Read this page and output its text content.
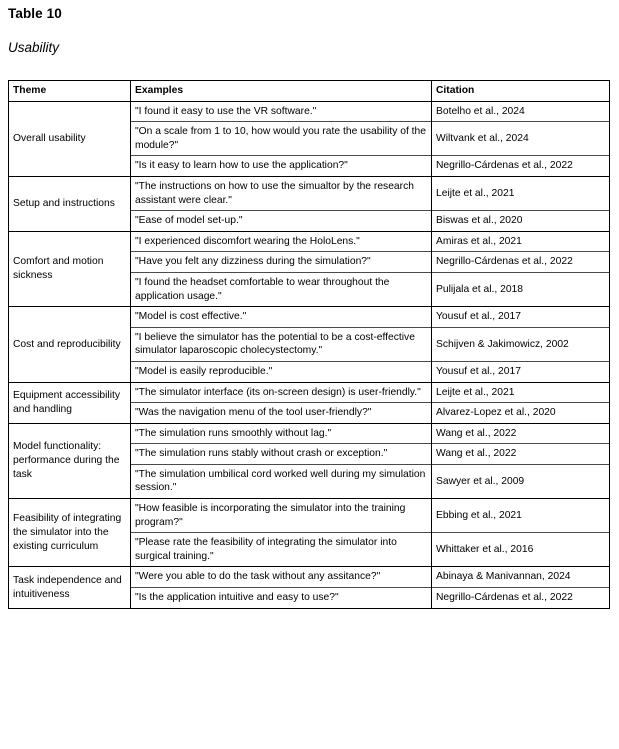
Table 10
Usability
Theme	Examples	Citation
Overall usability	"I found it easy to use the VR software."	Botelho et al., 2024
	"On a scale from 1 to 10, how would you rate the usability of the module?"	Wiltvank et al., 2024
	"Is it easy to learn how to use the application?"	Negrillo-Cárdenas et al., 2022
Setup and instructions	"The instructions on how to use the simualtor by the research assistant were clear."	Leijte et al., 2021
	"Ease of model set-up."	Biswas et al., 2020
Comfort and motion sickness	"I experienced discomfort wearing the HoloLens."	Amiras et al., 2021
	"Have you felt any dizziness during the simulation?"	Negrillo-Cárdenas et al., 2022
	"I found the headset comfortable to wear throughout the application usage."	Pulijala et al., 2018
Cost and reproducibility	"Model is cost effective."	Yousuf et al., 2017
	"I believe the simulator has the potential to be a cost-effective simulator laparoscopic cholecystectomy."	Schijven & Jakimowicz, 2002
	"Model is easily reproducible."	Yousuf et al., 2017
Equipment accessibility and handling	"The simulator interface (its on-screen design) is user-friendly."	Leijte et al., 2021
	"Was the navigation menu of the tool user-friendly?"	Alvarez-Lopez et al., 2020
Model functionality: performance during the task	"The simulation runs smoothly without lag."	Wang et al., 2022
	"The simulation runs stably without crash or exception."	Wang et al., 2022
	"The simulation umbilical cord worked well during my simulation session."	Sawyer et al., 2009
Feasibility of integrating the simulator into the existing curriculum	"How feasible is incorporating the simulator into the training program?"	Ebbing et al., 2021
	"Please rate the feasibility of integrating the simulator into surgical training."	Whittaker et al., 2016
Task independence and intuitiveness	"Were you able to do the task without any assitance?"	Abinaya & Manivannan, 2024
	"Is the application intuitive and easy to use?"	Negrillo-Cárdenas et al., 2022
